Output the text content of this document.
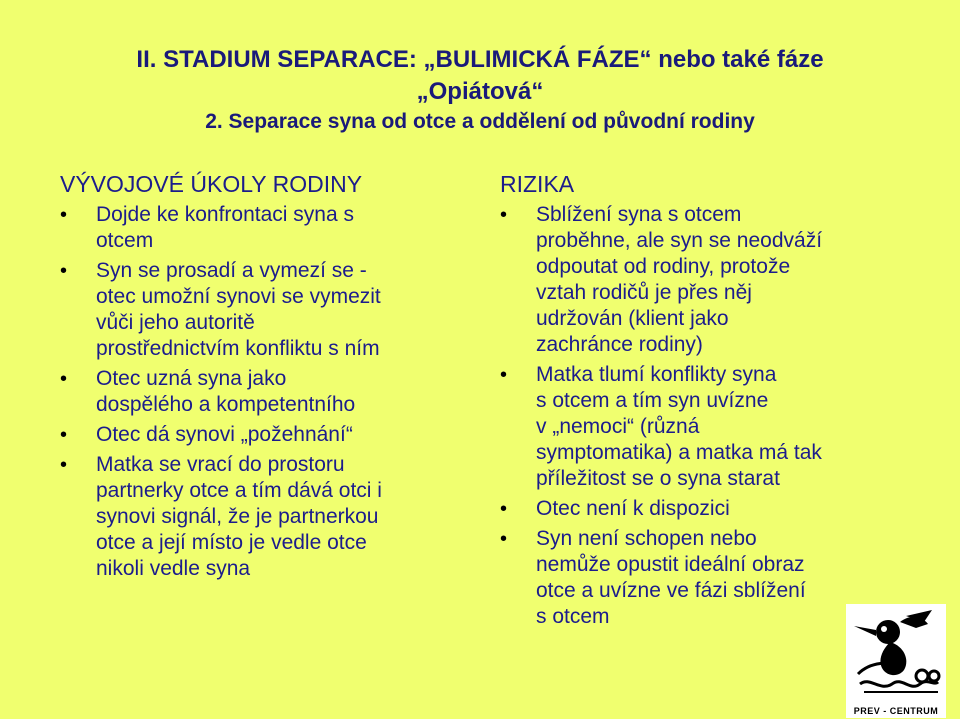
II. STADIUM SEPARACE: „BULIMICKÁ FÁZE“ nebo také fáze
„Opiátová“
2. Separace syna od otce a oddělení od původní rodiny
VÝVOJOVÉ ÚKOLY RODINY
• Dojde ke konfrontaci syna s
otcem
• Syn se prosadí a vymezí se -
otec umožní synovi se vymezit
vůči jeho autoritě
prostřednictvím konfliktu s ním
• Otec uzná syna jako
dospělého a kompetentního
• Otec dá synovi „požehnání“
• Matka se vrací do prostoru
partnerky otce a tím dává otci i
synovi signál, že je partnerkou
otce a její místo je vedle otce
nikoli vedle syna
RIZIKA
• Sblížení syna s otcem
proběhne, ale syn se neodváží
odpoutat od rodiny, protože
vztah rodičů je přes něj
udržován (klient jako
zachránce rodiny)
• Matka tlumí konflikty syna
s otcem a tím syn uvízne
v „nemoci“ (různá
symptomatika) a matka má tak
příležitost se o syna starat
• Otec není k dispozici
• Syn není schopen nebo
nemůže opustit ideální obraz
otce a uvízne ve fázi sblížení
s otcem
PREV - CENTRUM
